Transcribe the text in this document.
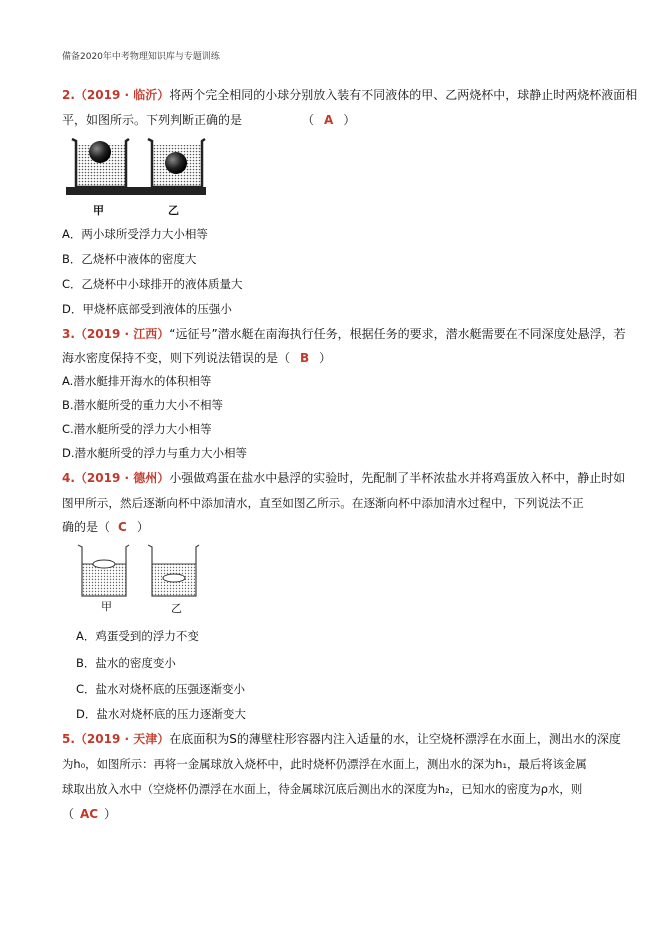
備备2020年中考物理知识库与专题训练
2.（2019 · 临沂）将两个完全相同的小球分别放入装有不同液体的甲、乙两烧杯中，球静止时两烧杯液面相
平，如图所示。下列判断正确的是	（ A ）
甲	乙
A．两小球所受浮力大小相等
B．乙烧杯中液体的密度大
C．乙烧杯中小球排开的液体质量大
D．甲烧杯底部受到液体的压强小
3.（2019 · 江西）“远征号”潜水艇在南海执行任务，根据任务的要求，潜水艇需要在不同深度处悬浮，若
海水密度保持不变，则下列说法错误的是（ B ）
A.潜水艇排开海水的体积相等
B.潜水艇所受的重力大小不相等
C.潜水艇所受的浮力大小相等
D.潜水艇所受的浮力与重力大小相等
4.（2019 · 德州）小强做鸡蛋在盐水中悬浮的实验时，先配制了半杯浓盐水并将鸡蛋放入杯中，静止时如
图甲所示，然后逐渐向杯中添加清水，直至如图乙所示。在逐渐向杯中添加清水过程中，下列说法不正
确的是（ C ）
甲	乙
A．鸡蛋受到的浮力不变
B．盐水的密度变小
C．盐水对烧杯底的压强逐渐变小
D．盐水对烧杯底的压力逐渐变大
5.（2019 · 天津）在底面积为S的薄壁柱形容器内注入适量的水，让空烧杯漂浮在水面上，测出水的深度
为h₀，如图所示：再将一金属球放入烧杯中，此时烧杯仍漂浮在水面上，测出水的深为h₁，最后将该金属
球取出放入水中（空烧杯仍漂浮在水面上，待金属球沉底后测出水的深度为h₂，已知水的密度为ρ水，则
（ AC ）
